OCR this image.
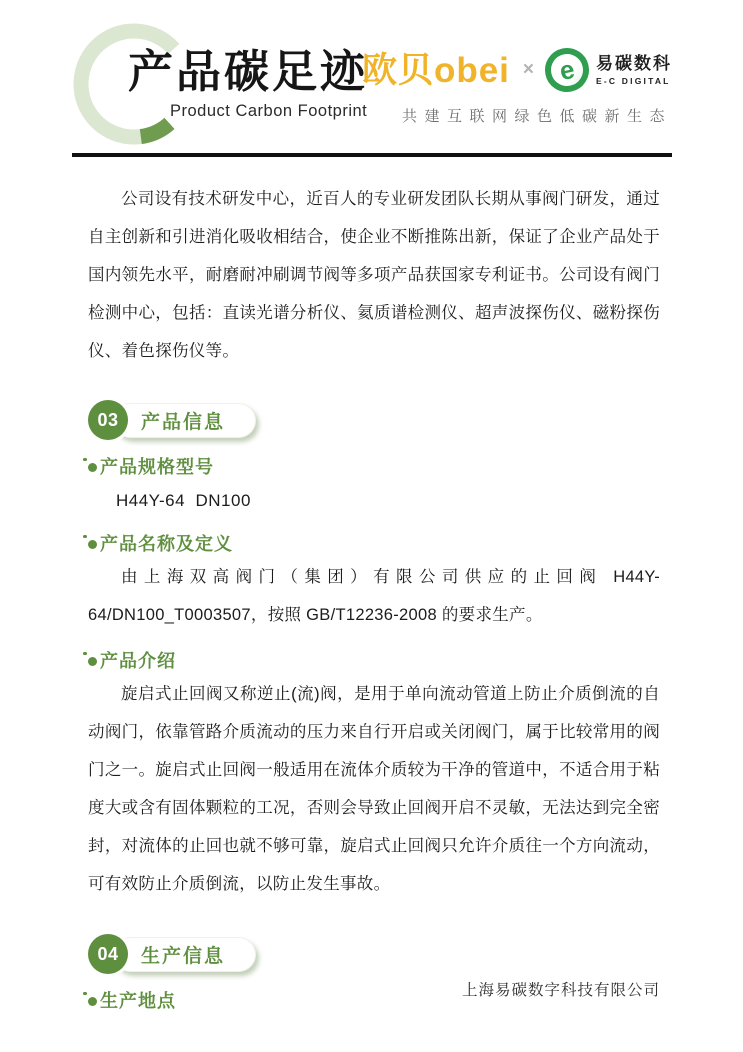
产品碳足迹
Product Carbon Footprint
欧贝obei × e	易碳数科
E-C DIGITAL
共建互联网绿色低碳新生态

公司设有技术研发中心，近百人的专业研发团队长期从事阀门研发，通过自主创新和引进消化吸收相结合，使企业不断推陈出新，保证了企业产品处于国内领先水平，耐磨耐冲刷调节阀等多项产品获国家专利证书。公司设有阀门检测中心，包括：直读光谱分析仪、氦质谱检测仪、超声波探伤仪、磁粉探伤仪、着色探伤仪等。

03	产品信息
产品规格型号
H44Y-64  DN100
产品名称及定义

由上海双高阀门（集团）有限公司供应的止回阀 H44Y-64/DN100_T0003507，按照 GB/T12236-2008 的要求生产。

产品介绍

旋启式止回阀又称逆止(流)阀，是用于单向流动管道上防止介质倒流的自动阀门，依靠管路介质流动的压力来自行开启或关闭阀门，属于比较常用的阀门之一。旋启式止回阀一般适用在流体介质较为干净的管道中，不适合用于粘度大或含有固体颗粒的工况，否则会导致止回阀开启不灵敏，无法达到完全密封，对流体的止回也就不够可靠，旋启式止回阀只允许介质往一个方向流动，可有效防止介质倒流，以防止发生事故。

04	生产信息
生产地点
上海易碳数字科技有限公司
